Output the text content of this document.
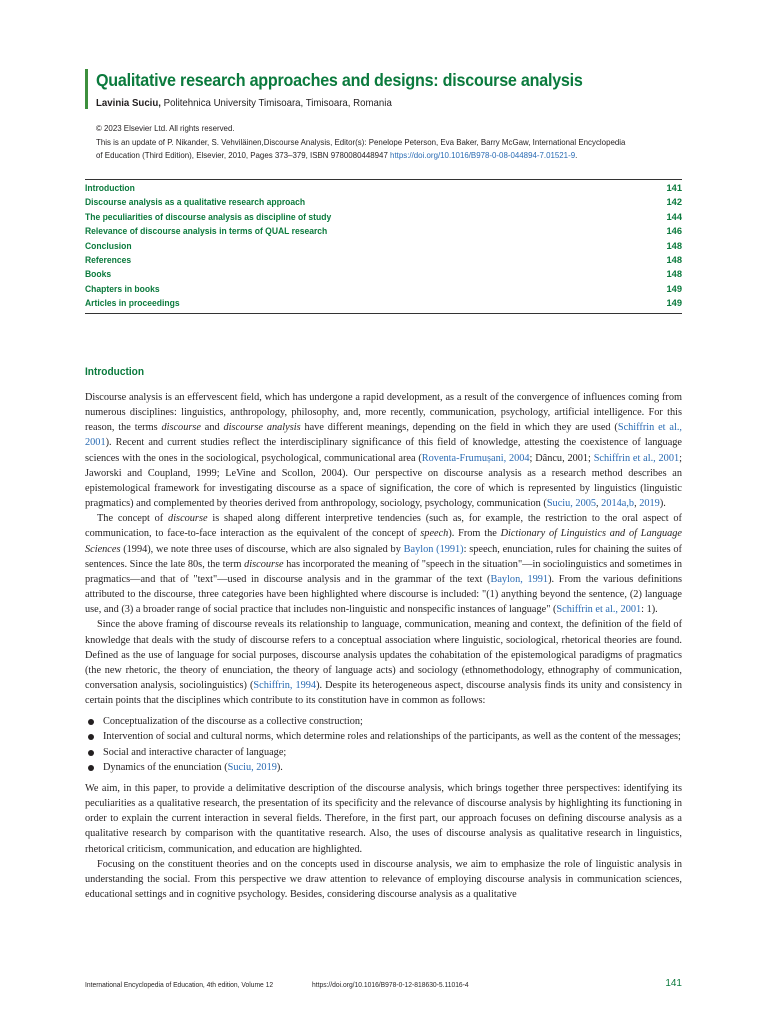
Qualitative research approaches and designs: discourse analysis
Lavinia Suciu, Politehnica University Timisoara, Timisoara, Romania
© 2023 Elsevier Ltd. All rights reserved.
This is an update of P. Nikander, S. Vehviläinen,Discourse Analysis, Editor(s): Penelope Peterson, Eva Baker, Barry McGaw, International Encyclopedia
of Education (Third Edition), Elsevier, 2010, Pages 373–379, ISBN 9780080448947 https://doi.org/10.1016/B978-0-08-044894-7.01521-9.
Introduction	141
Discourse analysis as a qualitative research approach	142
The peculiarities of discourse analysis as discipline of study	144
Relevance of discourse analysis in terms of QUAL research	146
Conclusion	148
References	148
Books	148
Chapters in books	149
Articles in proceedings	149
Introduction

Discourse analysis is an effervescent field, which has undergone a rapid development, as a result of the convergence of influences coming from numerous disciplines: linguistics, anthropology, philosophy, and, more recently, communication, psychology, artificial intelligence. For this reason, the terms discourse and discourse analysis have different meanings, depending on the field in which they are used (Schiffrin et al., 2001). Recent and current studies reflect the interdisciplinary significance of this field of knowledge, attesting the coexistence of language sciences with the ones in the sociological, psychological, communicational area (Roventa-Frumușani, 2004; Dâncu, 2001; Schiffrin et al., 2001; Jaworski and Coupland, 1999; LeVine and Scollon, 2004). Our perspective on discourse analysis as a research method describes an epistemological framework for investigating discourse as a space of signification, the core of which is represented by linguistics (linguistic pragmatics) and complemented by theories derived from anthropology, sociology, psychology, communication (Suciu, 2005, 2014a,b, 2019).

The concept of discourse is shaped along different interpretive tendencies (such as, for example, the restriction to the oral aspect of communication, to face-to-face interaction as the equivalent of the concept of speech). From the Dictionary of Linguistics and of Language Sciences (1994), we note three uses of discourse, which are also signaled by Baylon (1991): speech, enunciation, rules for chaining the suites of sentences. Since the late 80s, the term discourse has incorporated the meaning of "speech in the situation"—in sociolinguistics and sometimes in pragmatics—and that of "text"—used in discourse analysis and in the grammar of the text (Baylon, 1991). From the various definitions attributed to the discourse, three categories have been highlighted where discourse is included: "(1) anything beyond the sentence, (2) language use, and (3) a broader range of social practice that includes non-linguistic and nonspecific instances of language" (Schiffrin et al., 2001: 1).

Since the above framing of discourse reveals its relationship to language, communication, meaning and context, the definition of the field of knowledge that deals with the study of discourse refers to a conceptual association where linguistic, sociological, rhetorical theories are found. Defined as the use of language for social purposes, discourse analysis updates the cohabitation of the epistemological paradigms of pragmatics (the new rhetoric, the theory of enunciation, the theory of language acts) and sociology (ethnomethodology, ethnography of communication, conversation analysis, sociolinguistics) (Schiffrin, 1994). Despite its heterogeneous aspect, discourse analysis finds its unity and consistency in certain points that the disciplines which contribute to its constitution have in common as follows:

Conceptualization of the discourse as a collective construction;
Intervention of social and cultural norms, which determine roles and relationships of the participants, as well as the content of the messages;
Social and interactive character of language;
Dynamics of the enunciation (Suciu, 2019).

We aim, in this paper, to provide a delimitative description of the discourse analysis, which brings together three perspectives: identifying its peculiarities as a qualitative research, the presentation of its specificity and the relevance of discourse analysis by highlighting its functioning in order to explain the current interaction in several fields. Therefore, in the first part, our approach focuses on defining discourse analysis as a qualitative research by comparison with the quantitative research. Also, the uses of discourse analysis as qualitative research in linguistics, rhetorical criticism, communication, and education are highlighted.

Focusing on the constituent theories and on the concepts used in discourse analysis, we aim to emphasize the role of linguistic analysis in understanding the social. From this perspective we draw attention to relevance of employing discourse analysis in communication sciences, educational settings and in cognitive psychology. Besides, considering discourse analysis as a qualitative

International Encyclopedia of Education, 4th edition, Volume 12	https://doi.org/10.1016/B978-0-12-818630-5.11016-4	141
